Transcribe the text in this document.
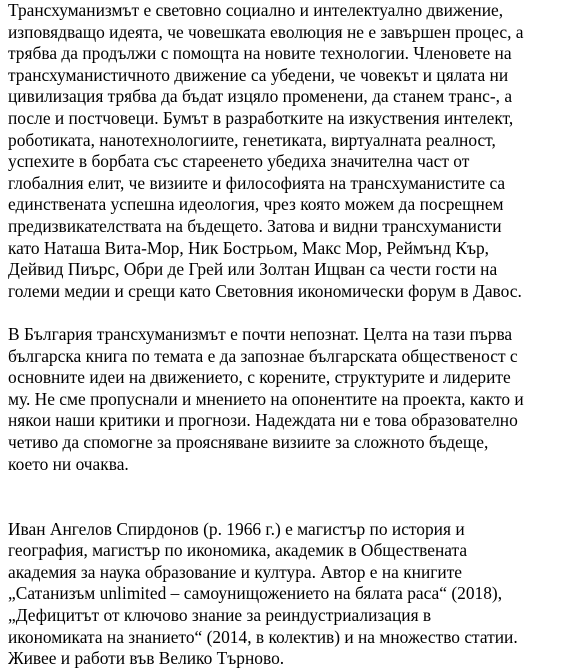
Трансхуманизмът е световно социално и интелектуално движение,
изповядващо идеята, че човешката еволюция не е завършен процес, а
трябва да продължи с помощта на новите технологии. Членовете на
трансхуманистичното движение са убедени, че човекът и цялата ни
цивилизация трябва да бъдат изцяло променени, да станем транс-, а
после и постчовеци. Бумът в разработките на изкуствения интелект,
роботиката, нанотехнологиите, генетиката, виртуалната реалност,
успехите в борбата със стареенето убедиха значителна част от
глобалния елит, че визиите и философията на трансхуманистите са
единствената успешна идеология, чрез която можем да посрещнем
предизвикателствата на бъдещето. Затова и видни трансхуманисти
като Наташа Вита-Мор, Ник Бострьом, Макс Мор, Реймънд Кър,
Дейвид Пиърс, Обри де Грей или Золтан Ищван са чести гости на
големи медии и срещи като Световния икономически форум в Давос.

В България трансхуманизмът е почти непознат. Целта на тази първа
българска книга по темата е да запознае българската общественост с
основните идеи на движението, с корените, структурите и лидерите
му. Не сме пропуснали и мнението на опонентите на проекта, както и
някои наши критики и прогнози. Надеждата ни е това образователно
четиво да спомогне за проясняване визиите за сложното бъдеще,
което ни очаква.

Иван Ангелов Спирдонов (р. 1966 г.) е магистър по история и
география, магистър по икономика, академик в Обществената
академия за наука образование и култура. Автор е на книгите
„Сатанизъм unlimited – самоунищожението на бялата раса“ (2018),
„Дефицитът от ключово знание за реиндустриализация в
икономиката на знанието“ (2014, в колектив) и на множество статии.
Живее и работи във Велико Търново.
